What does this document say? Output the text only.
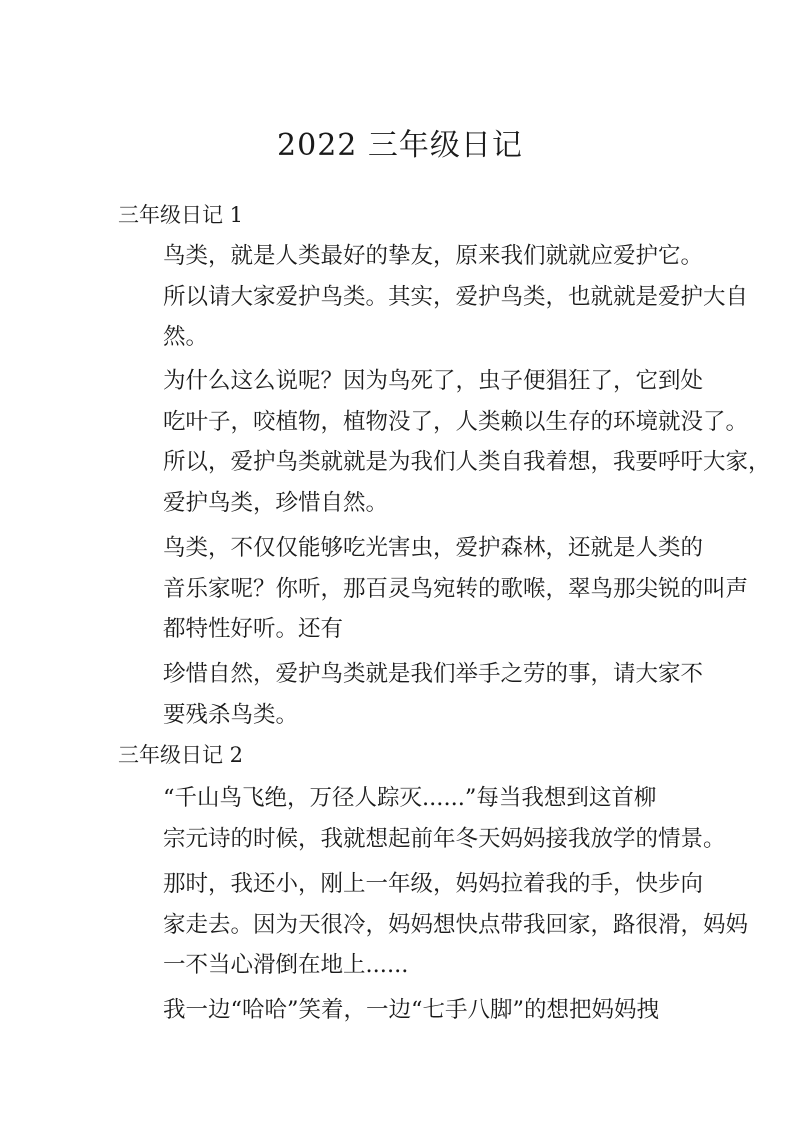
2022 三年级日记
三年级日记 1

鸟类，就是人类最好的挚友，原来我们就就应爱护它。
所以请大家爱护鸟类。其实，爱护鸟类，也就就是爱护大自
然。

为什么这么说呢？因为鸟死了，虫子便猖狂了，它到处
吃叶子，咬植物，植物没了，人类赖以生存的环境就没了。
所以，爱护鸟类就就是为我们人类自我着想，我要呼吁大家，
爱护鸟类，珍惜自然。

鸟类，不仅仅能够吃光害虫，爱护森林，还就是人类的
音乐家呢？你听，那百灵鸟宛转的歌喉，翠鸟那尖锐的叫声
都特性好听。还有

珍惜自然，爱护鸟类就是我们举手之劳的事，请大家不
要残杀鸟类。

三年级日记 2

“千山鸟飞绝，万径人踪灭......”每当我想到这首柳
宗元诗的时候，我就想起前年冬天妈妈接我放学的情景。

那时，我还小，刚上一年级，妈妈拉着我的手，快步向
家走去。因为天很冷，妈妈想快点带我回家，路很滑，妈妈
一不当心滑倒在地上......

我一边“哈哈”笑着，一边“七手八脚”的想把妈妈拽
